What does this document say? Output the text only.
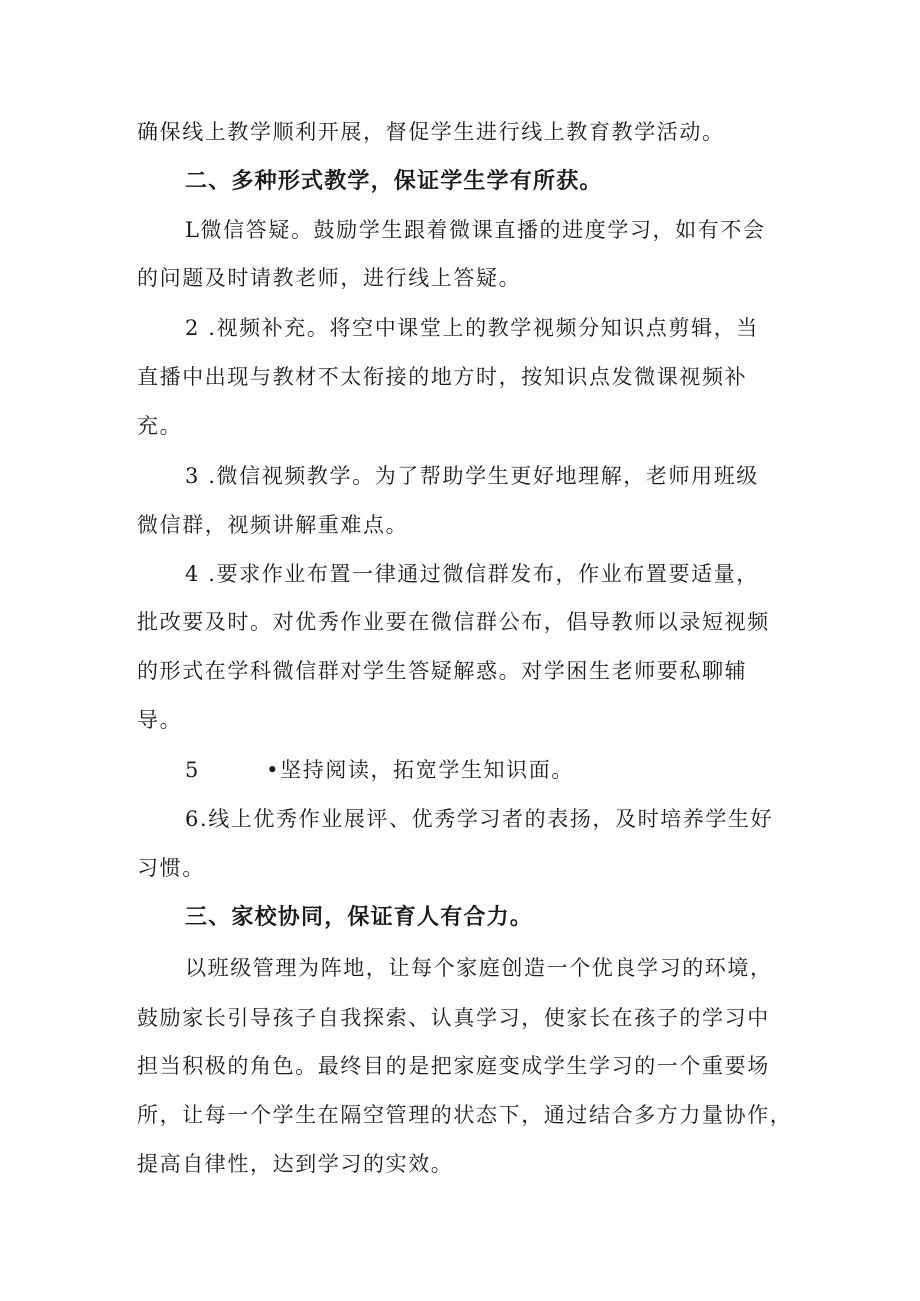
确保线上教学顺利开展，督促学生进行线上教育教学活动。

二、多种形式教学，保证学生学有所获。

L微信答疑。鼓励学生跟着微课直播的进度学习，如有不会

的问题及时请教老师，进行线上答疑。

2 .视频补充。将空中课堂上的教学视频分知识点剪辑，当

直播中出现与教材不太衔接的地方时，按知识点发微课视频补

充。

3 .微信视频教学。为了帮助学生更好地理解，老师用班级

微信群，视频讲解重难点。

4 .要求作业布置一律通过微信群发布，作业布置要适量，

批改要及时。对优秀作业要在微信群公布，倡导教师以录短视频

的形式在学科微信群对学生答疑解惑。对学困生老师要私聊辅

导。

5        •坚持阅读，拓宽学生知识面。

6.线上优秀作业展评、优秀学习者的表扬，及时培养学生好

习惯。

三、家校协同，保证育人有合力。

以班级管理为阵地，让每个家庭创造一个优良学习的环境，

鼓励家长引导孩子自我探索、认真学习，使家长在孩子的学习中

担当积极的角色。最终目的是把家庭变成学生学习的一个重要场

所，让每一个学生在隔空管理的状态下，通过结合多方力量协作，

提高自律性，达到学习的实效。
